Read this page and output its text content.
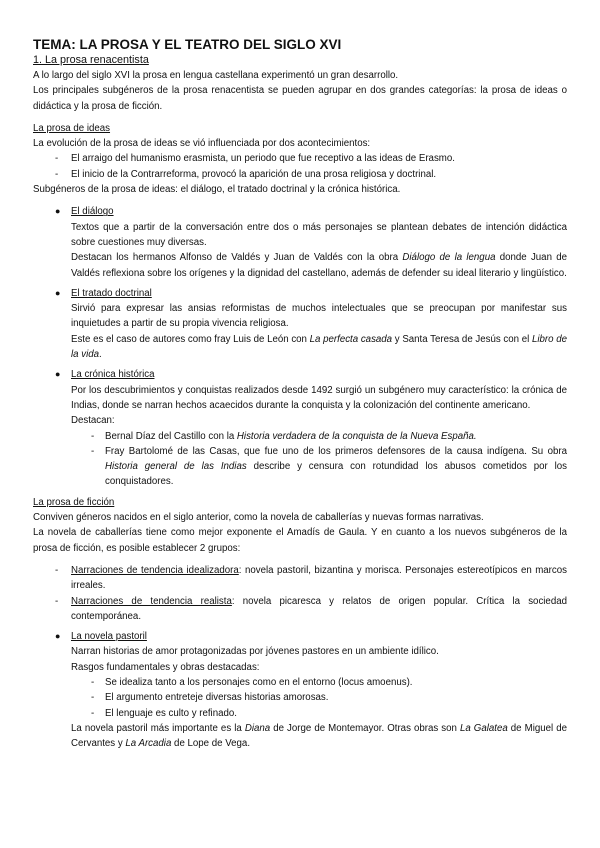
TEMA: LA PROSA Y EL TEATRO DEL SIGLO XVI
1. La prosa renacentista
A lo largo del siglo XVI la prosa en lengua castellana experimentó un gran desarrollo.
Los principales subgéneros de la prosa renacentista se pueden agrupar en dos grandes categorías: la prosa de ideas o didáctica y la prosa de ficción.
La prosa de ideas
La evolución de la prosa de ideas se vió influenciada por dos acontecimientos:
- El arraigo del humanismo erasmista, un periodo que fue receptivo a las ideas de Erasmo.
- El inicio de la Contrarreforma, provocó la aparición de una prosa religiosa y doctrinal.
Subgéneros de la prosa de ideas: el diálogo, el tratado doctrinal y la crónica histórica.
● El diálogo
Textos que a partir de la conversación entre dos o más personajes se plantean debates de intención didáctica sobre cuestiones muy diversas.
Destacan los hermanos Alfonso de Valdés y Juan de Valdés con la obra Diálogo de la lengua donde Juan de Valdés reflexiona sobre los orígenes y la dignidad del castellano, además de defender su ideal literario y lingüístico.
● El tratado doctrinal
Sirvió para expresar las ansias reformistas de muchos intelectuales que se preocupan por manifestar sus inquietudes a partir de su propia vivencia religiosa.
Este es el caso de autores como fray Luis de León con La perfecta casada y Santa Teresa de Jesús con el Libro de la vida.
● La crónica histórica
Por los descubrimientos y conquistas realizados desde 1492 surgió un subgénero muy característico: la crónica de Indias, donde se narran hechos acaecidos durante la conquista y la colonización del continente americano.
Destacan:
- Bernal Díaz del Castillo con la Historia verdadera de la conquista de la Nueva España.
- Fray Bartolomé de las Casas, que fue uno de los primeros defensores de la causa indígena. Su obra Historia general de las Indias describe y censura con rotundidad los abusos cometidos por los conquistadores.
La prosa de ficción
Conviven géneros nacidos en el siglo anterior, como la novela de caballerías y nuevas formas narrativas.
La novela de caballerías tiene como mejor exponente el Amadís de Gaula. Y en cuanto a los nuevos subgéneros de la prosa de ficción, es posible establecer 2 grupos:
- Narraciones de tendencia idealizadora: novela pastoril, bizantina y morisca. Personajes estereotípicos en marcos irreales.
- Narraciones de tendencia realista: novela picaresca y relatos de origen popular. Crítica la sociedad contemporánea.
● La novela pastoril
Narran historias de amor protagonizadas por jóvenes pastores en un ambiente idílico.
Rasgos fundamentales y obras destacadas:
- Se idealiza tanto a los personajes como en el entorno (locus amoenus).
- El argumento entreteje diversas historias amorosas.
- El lenguaje es culto y refinado.
La novela pastoril más importante es la Diana de Jorge de Montemayor. Otras obras son La Galatea de Miguel de Cervantes y La Arcadia de Lope de Vega.
